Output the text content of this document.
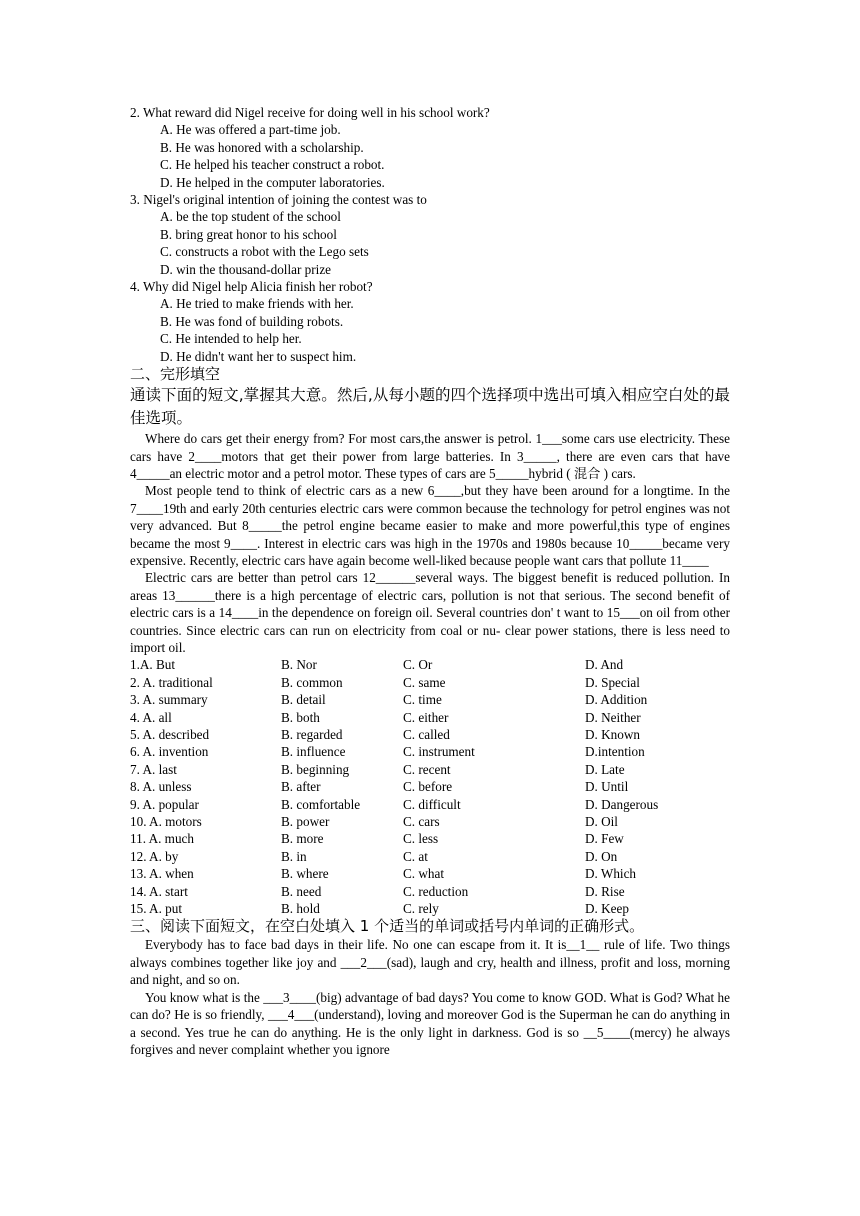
2. What reward did Nigel receive for doing well in his school work?
A. He was offered a part-time job.
B. He was honored with a scholarship.
C. He helped his teacher construct a robot.
D. He helped in the computer laboratories.
3. Nigel's original intention of joining the contest was to
A. be the top student of the school
B. bring great honor to his school
C. constructs a robot with the Lego sets
D. win the thousand-dollar prize
4. Why did Nigel help Alicia finish her robot?
A. He tried to make friends with her.
B. He was fond of building robots.
C. He intended to help her.
D. He didn't want her to suspect him.
二、完形填空
通读下面的短文,掌握其大意。然后,从每小题的四个选择项中选出可填入相应空白处的最佳选项。
Where do cars get their energy from? For most cars,the answer is petrol. 1___some cars use electricity. These cars have 2____motors that get their power from large batteries. In 3_____, there are even cars that have 4_____an electric motor and a petrol motor. These types of cars are 5_____hybrid ( 混合 ) cars.
Most people tend to think of electric cars as a new 6____,but they have been around for a longtime. In the 7____19th and early 20th centuries electric cars were common because the technology for petrol engines was not very advanced. But 8_____the petrol engine became easier to make and more powerful,this type of engines became the most 9____. Interest in electric cars was high in the 1970s and 1980s because 10_____became very expensive. Recently, electric cars have again become well-liked because people want cars that pollute 11____
Electric cars are better than petrol cars 12______several ways. The biggest benefit is reduced pollution. In areas 13______there is a high percentage of electric cars, pollution is not that serious. The second benefit of electric cars is a 14____in the dependence on foreign oil. Several countries don' t want to 15___on oil from other countries. Since electric cars can run on electricity from coal or nu- clear power stations, there is less need to import oil.
1.A. But	B. Nor	C. Or	D. And
2. A. traditional	B. common	C. same	D. Special
3. A. summary	B. detail	C. time	D. Addition
4. A. all	B. both	C. either	D. Neither
5. A. described	B. regarded	C. called	D. Known
6. A. invention	B. influence	C. instrument	D.intention
7. A. last	B. beginning	C. recent	D. Late
8. A. unless	B. after	C. before	D. Until
9. A. popular	B. comfortable	C. difficult	D. Dangerous
10. A. motors	B. power	C. cars	D. Oil
11. A. much	B. more	C. less	D. Few
12. A. by	B. in	C. at	D. On
13. A. when	B. where	C. what	D. Which
14. A. start	B. need	C. reduction	D. Rise
15. A. put	B. hold	C. rely	D. Keep
三、阅读下面短文，在空白处填入 1 个适当的单词或括号内单词的正确形式。
Everybody has to face bad days in their life. No one can escape from it. It is__1__ rule of life. Two things always combines together like joy and ___2___(sad), laugh and cry, health and illness, profit and loss, morning and night, and so on.
You know what is the ___3____(big) advantage of bad days? You come to know GOD. What is God? What he can do? He is so friendly, ___4___(understand), loving and moreover God is the Superman he can do anything in a second. Yes true he can do anything. He is the only light in darkness. God is so __5____(mercy) he always forgives and never complaint whether you ignore
